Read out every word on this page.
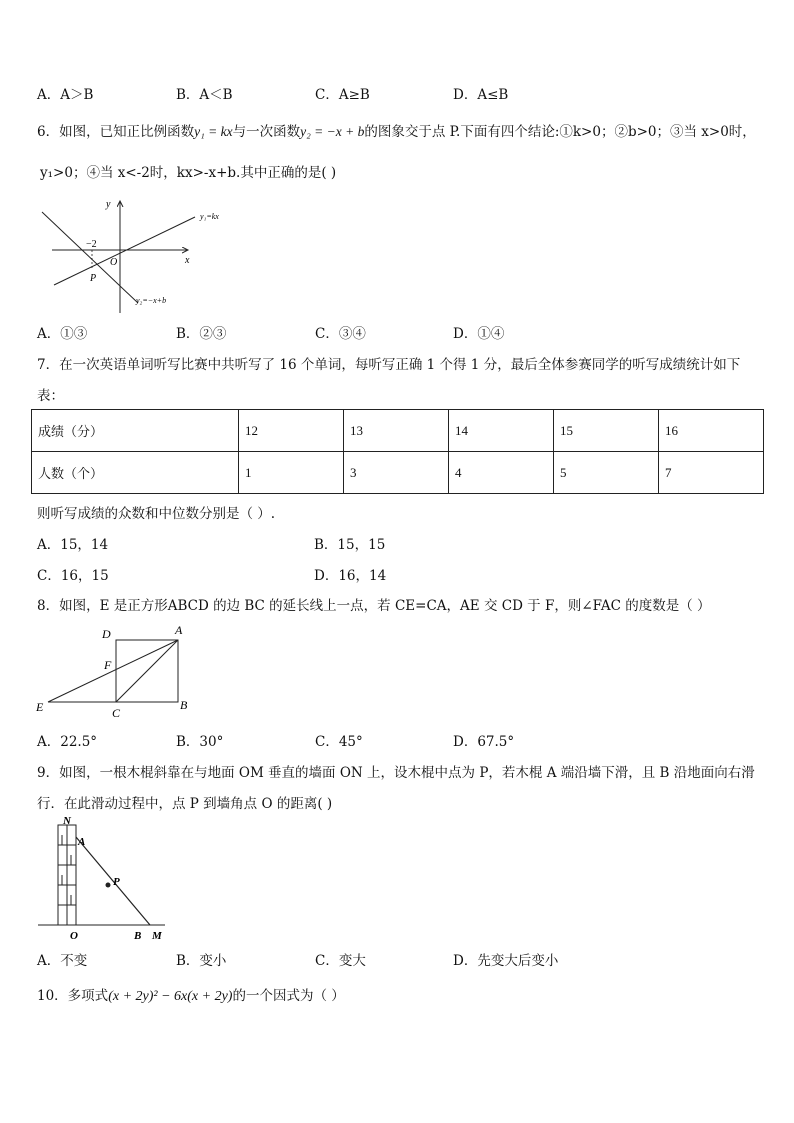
A．A＞B	B．A＜B	C．A≥B	D．A≤B
6．如图，已知正比例函数y₁ = kx与一次函数y₂ = −x + b的图象交于点 P.下面有四个结论:①k>0；②b>0；③当 x>0时，
y₁>0；④当 x<-2时，kx>-x+b.其中正确的是( )
y
x
O
P
−2
y₁=kx
y₂=−x+b
A．①③	B．②③	C．③④	D．①④
7．在一次英语单词听写比赛中共听写了 16 个单词，每听写正确 1 个得 1 分，最后全体参赛同学的听写成绩统计如下
表：
成绩（分）	12	13	14	15	16
人数（个）	1	3	4	5	7
则听写成绩的众数和中位数分别是（ ）.
A．15，14	B．15，15
C．16，15	D．16，14
8．如图，E 是正方形ABCD 的边 BC 的延长线上一点，若 CE=CA，AE 交 CD 于 F，则∠FAC 的度数是（ ）
D	A
F
E	C
B
A．22.5°	B．30°	C．45°	D．67.5°
9．如图，一根木棍斜靠在与地面 OM 垂直的墙面 ON 上，设木棍中点为 P，若木棍 A 端沿墙下滑，且 B 沿地面向右滑
行．在此滑动过程中，点 P 到墙角点 O 的距离( )
N
A
P
O	B M
A．不变	B．变小	C．变大	D．先变大后变小
10．多项式(x + 2y)² − 6x(x + 2y)的一个因式为（ ）
